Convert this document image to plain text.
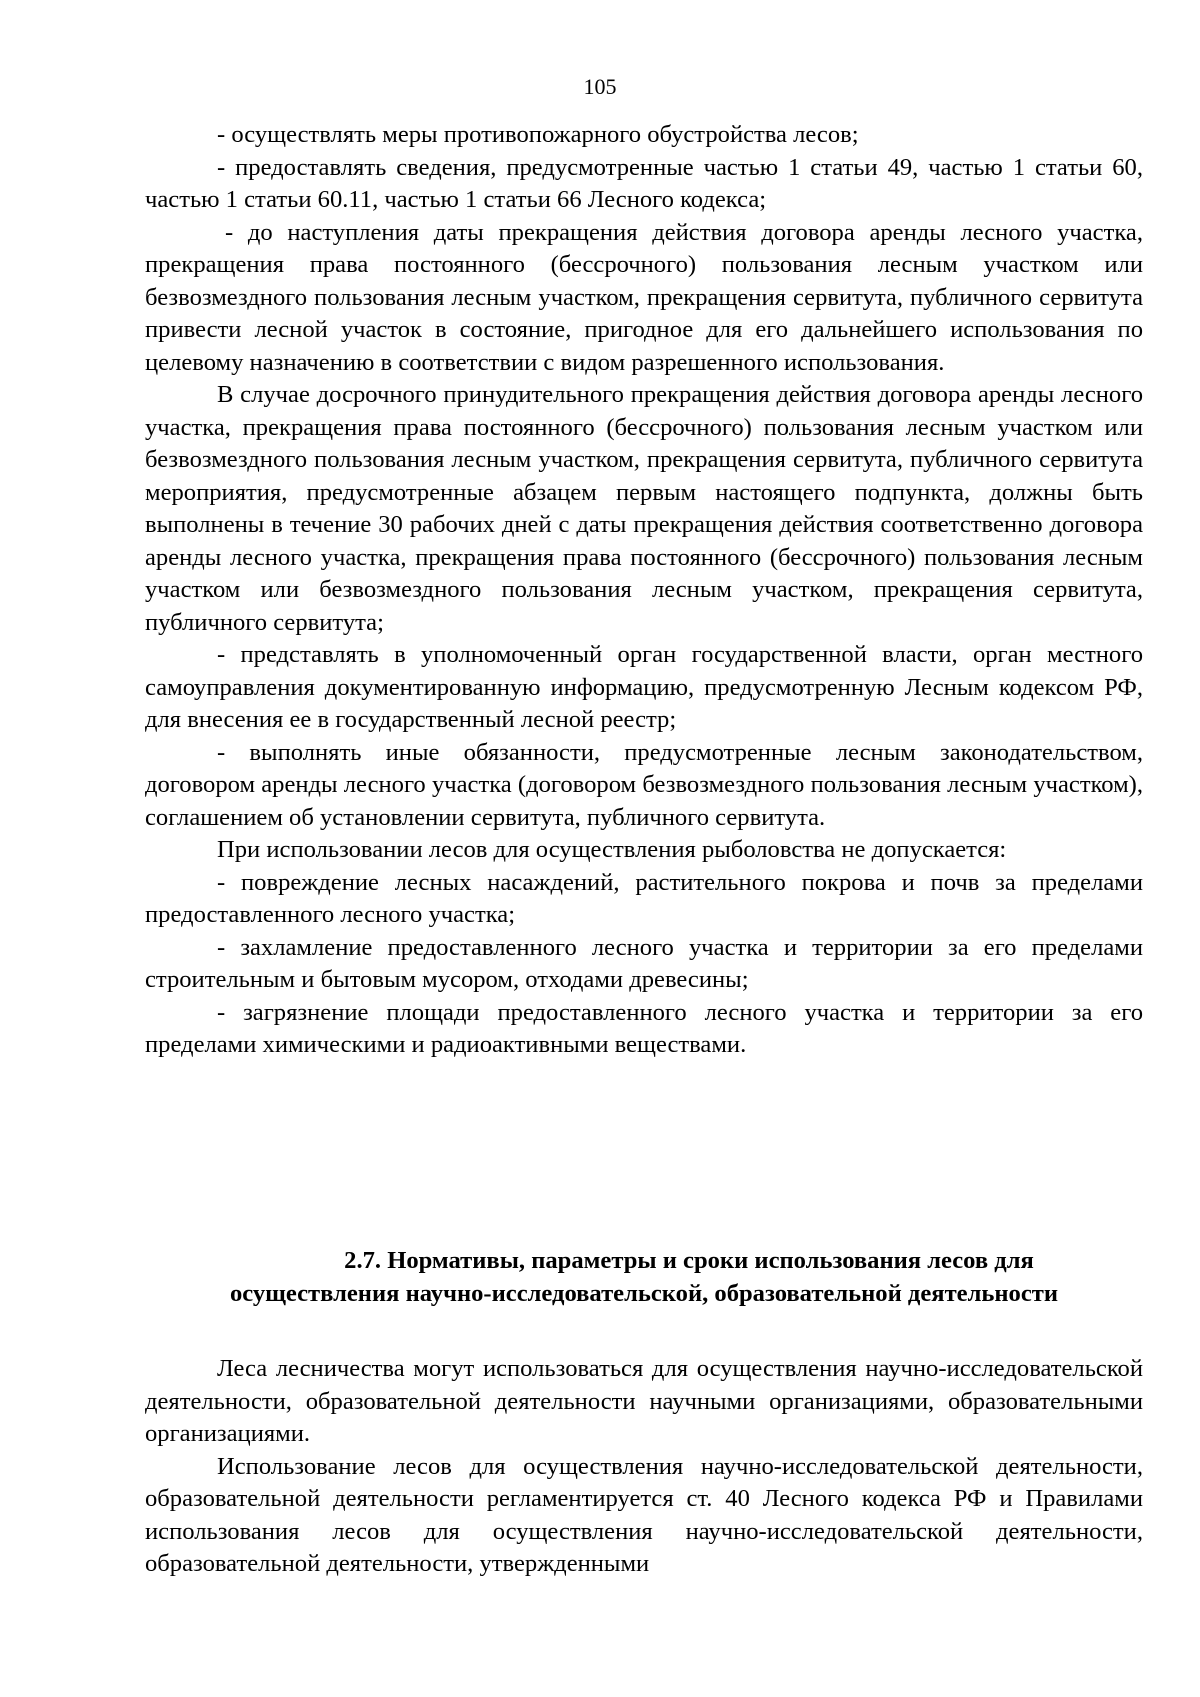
105

- осуществлять меры противопожарного обустройства лесов;

- предоставлять сведения, предусмотренные частью 1 статьи 49, частью 1 статьи 60, частью 1 статьи 60.11, частью 1 статьи 66 Лесного кодекса;

- до наступления даты прекращения действия договора аренды лесного участка, прекращения права постоянного (бессрочного) пользования лесным участком или безвозмездного пользования лесным участком, прекращения сервитута, публичного сервитута привести лесной участок в состояние, пригодное для его дальнейшего использования по целевому назначению в соответствии с видом разрешенного использования.

В случае досрочного принудительного прекращения действия договора аренды лесного участка, прекращения права постоянного (бессрочного) пользования лесным участком или безвозмездного пользования лесным участком, прекращения сервитута, публичного сервитута мероприятия, предусмотренные абзацем первым настоящего подпункта, должны быть выполнены в течение 30 рабочих дней с даты прекращения действия соответственно договора аренды лесного участка, прекращения права постоянного (бессрочного) пользования лесным участком или безвозмездного пользования лесным участком, прекращения сервитута, публичного сервитута;

- представлять в уполномоченный орган государственной власти, орган местного самоуправления документированную информацию, предусмотренную Лесным кодексом РФ, для внесения ее в государственный лесной реестр;

- выполнять иные обязанности, предусмотренные лесным законодательством, договором аренды лесного участка (договором безвозмездного пользования лесным участком), соглашением об установлении сервитута, публичного сервитута.

При использовании лесов для осуществления рыболовства не допускается:

- повреждение лесных насаждений, растительного покрова и почв за пределами предоставленного лесного участка;

- захламление предоставленного лесного участка и территории за его пределами строительным и бытовым мусором, отходами древесины;

- загрязнение площади предоставленного лесного участка и территории за его пределами химическими и радиоактивными веществами.

2.7. Нормативы, параметры и сроки использования лесов для
осуществления научно-исследовательской, образовательной деятельности

Леса лесничества могут использоваться для осуществления научно-исследовательской деятельности, образовательной деятельности научными организациями, образовательными организациями.

Использование лесов для осуществления научно-исследовательской деятельности, образовательной деятельности регламентируется ст. 40 Лесного кодекса РФ и Правилами использования лесов для осуществления научно-исследовательской деятельности, образовательной деятельности, утвержденными
